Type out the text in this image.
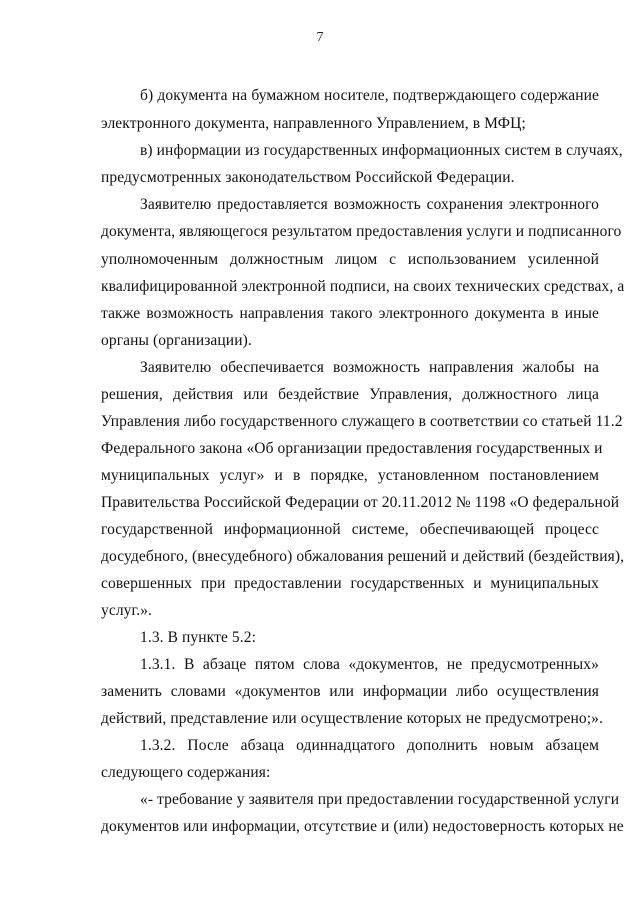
7
б) документа на бумажном носителе, подтверждающего содержание
электронного документа, направленного Управлением, в МФЦ;
в) информации из государственных информационных систем в случаях,
предусмотренных законодательством Российской Федерации.
Заявителю предоставляется возможность сохранения электронного
документа, являющегося результатом предоставления услуги и подписанного
уполномоченным должностным лицом с использованием усиленной
квалифицированной электронной подписи, на своих технических средствах, а
также возможность направления такого электронного документа в иные
органы (организации).
Заявителю обеспечивается возможность направления жалобы на
решения, действия или бездействие Управления, должностного лица
Управления либо государственного служащего в соответствии со статьей 11.2
Федерального закона «Об организации предоставления государственных и
муниципальных услуг» и в порядке, установленном постановлением
Правительства Российской Федерации от 20.11.2012 № 1198 «О федеральной
государственной информационной системе, обеспечивающей процесс
досудебного, (внесудебного) обжалования решений и действий (бездействия),
совершенных при предоставлении государственных и муниципальных
услуг.».
1.3. В пункте 5.2:
1.3.1. В абзаце пятом слова «документов, не предусмотренных»
заменить словами «документов или информации либо осуществления
действий, представление или осуществление которых не предусмотрено;».
1.3.2. После абзаца одиннадцатого дополнить новым абзацем
следующего содержания:
«- требование у заявителя при предоставлении государственной услуги
документов или информации, отсутствие и (или) недостоверность которых не
